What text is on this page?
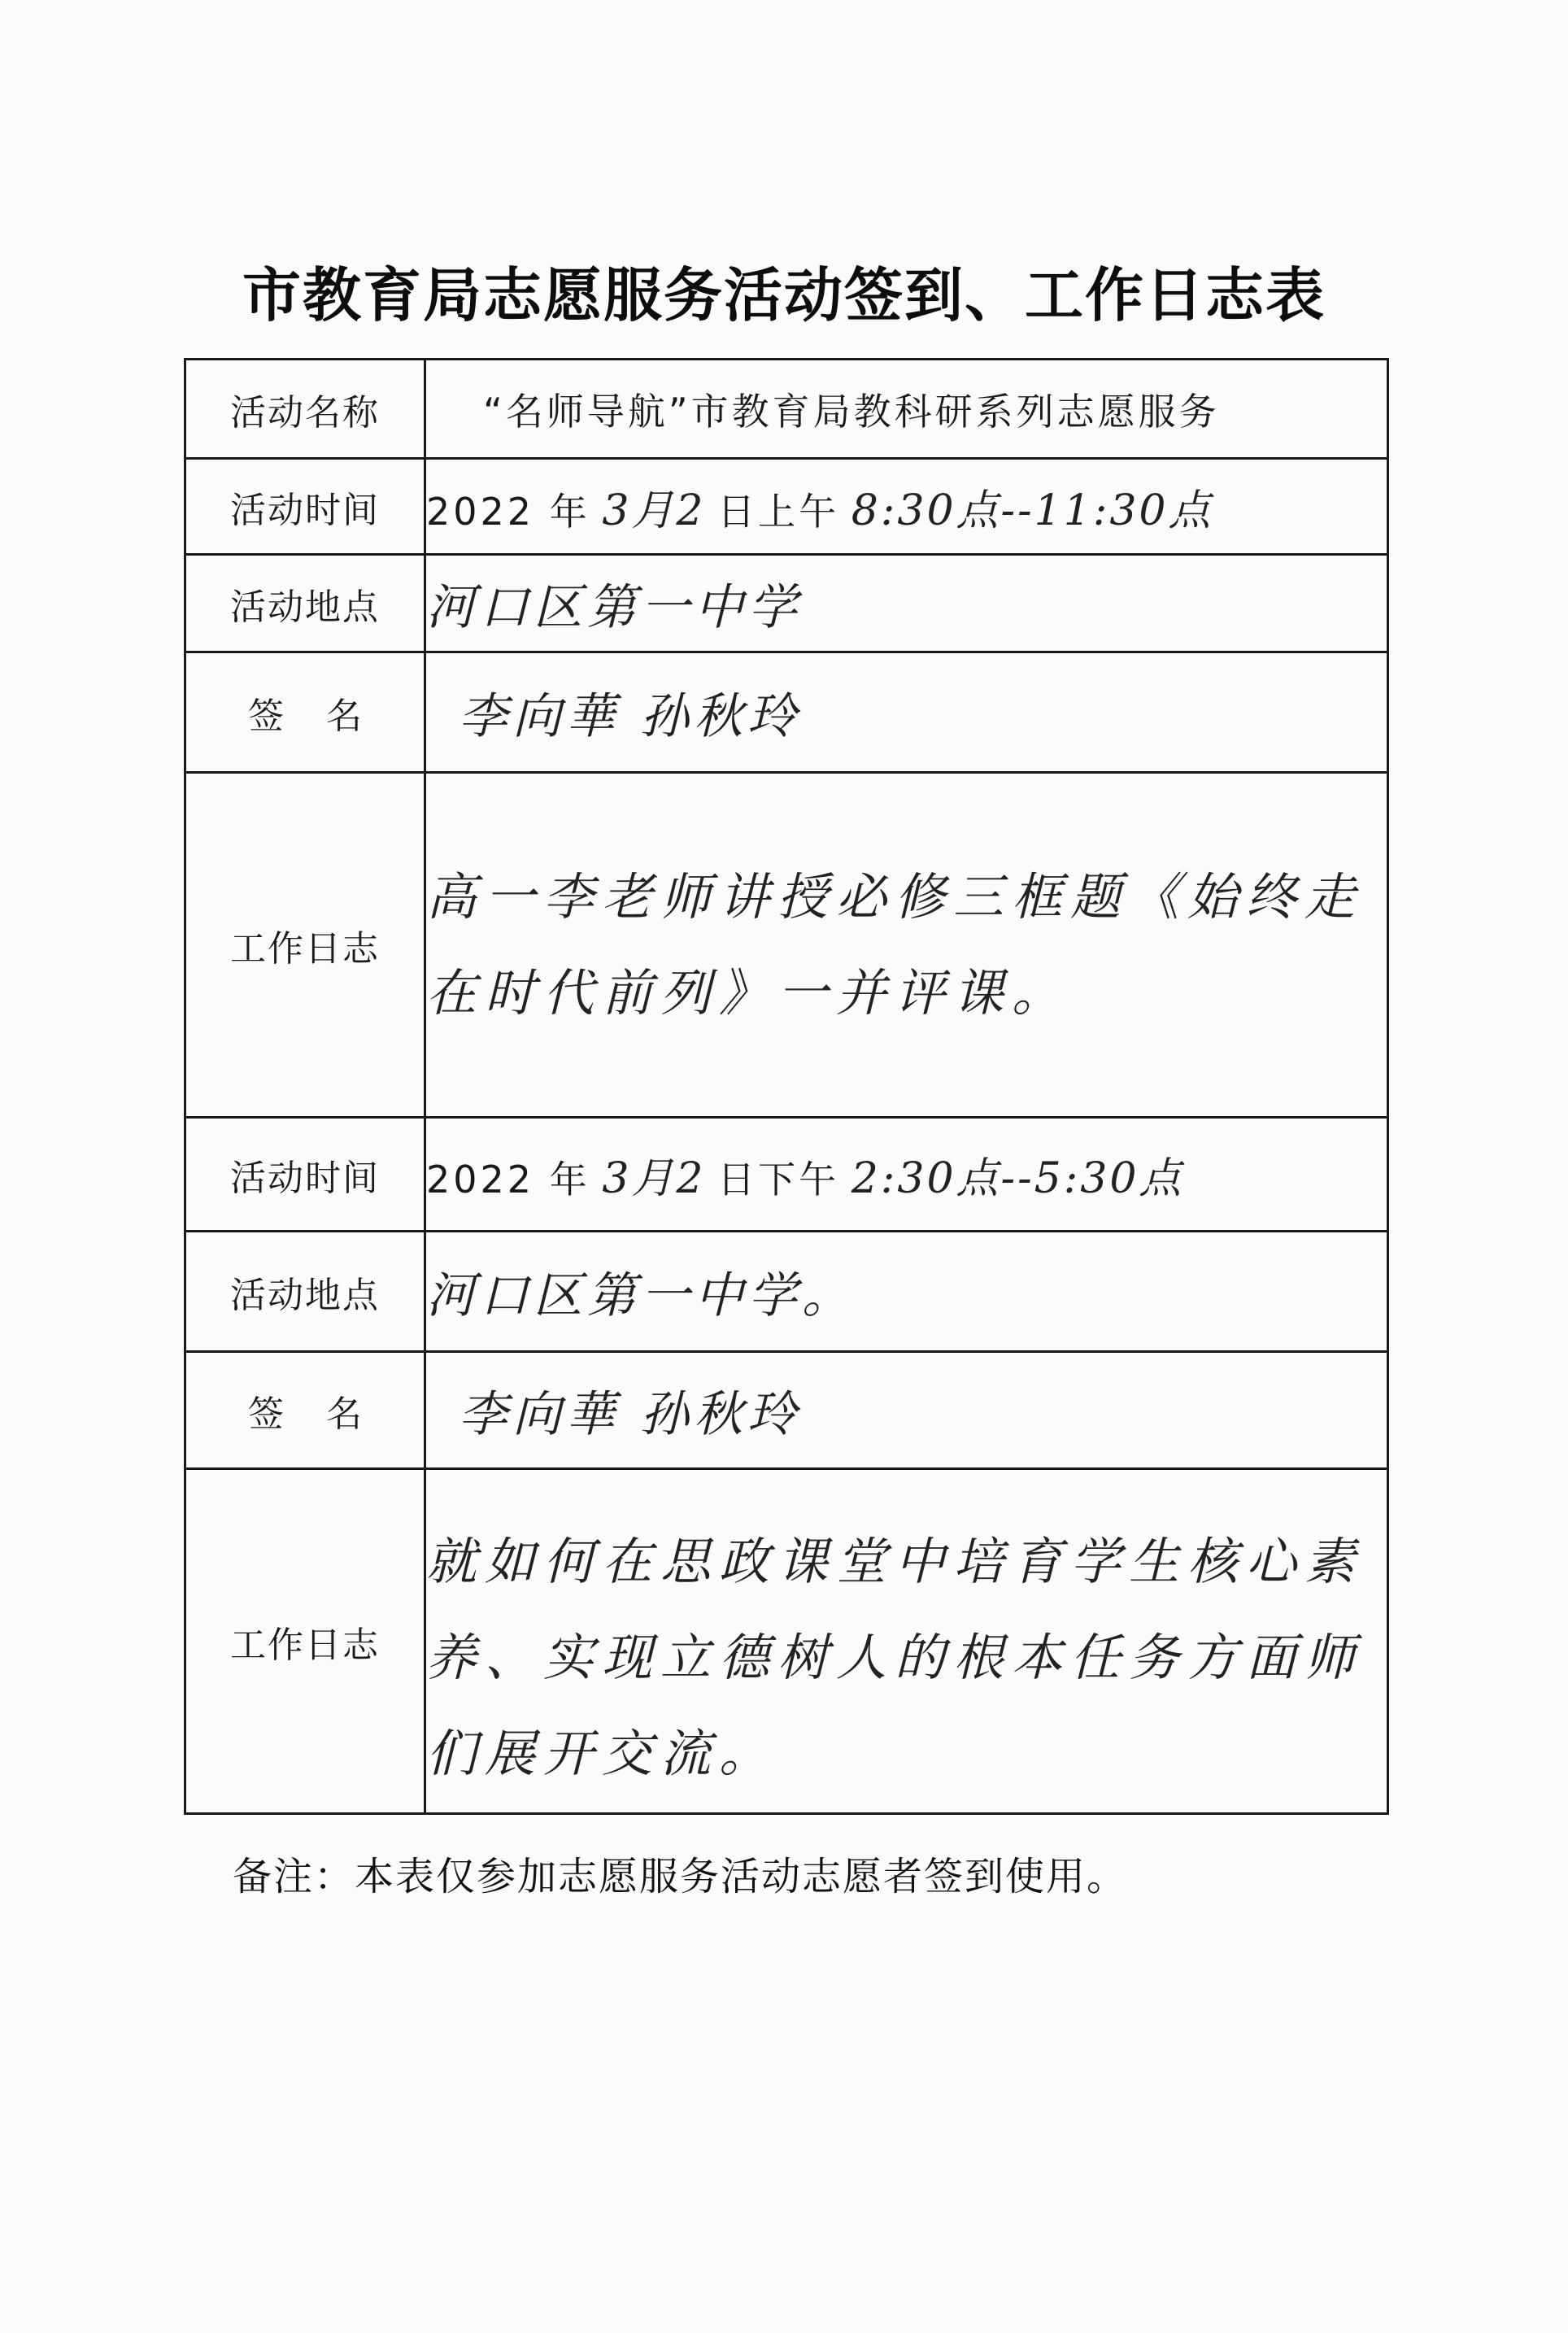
市教育局志愿服务活动签到、工作日志表
活动名称	“名师导航”市教育局教科研系列志愿服务
活动时间	2022 年 3月2 日上午 8:30点--11:30点
活动地点	河口区第一中学
签名	李向華 孙秋玲
工作日志	高一李老师讲授必修三框题《始终走在时代前列》一并评课。

活动时间	2022 年 3月2 日下午 2:30点--5:30点
活动地点	河口区第一中学。
签名	李向華 孙秋玲
工作日志	就如何在思政课堂中培育学生核心素养、实现立德树人的根本任务方面师们展开交流。
备注：本表仅参加志愿服务活动志愿者签到使用。
